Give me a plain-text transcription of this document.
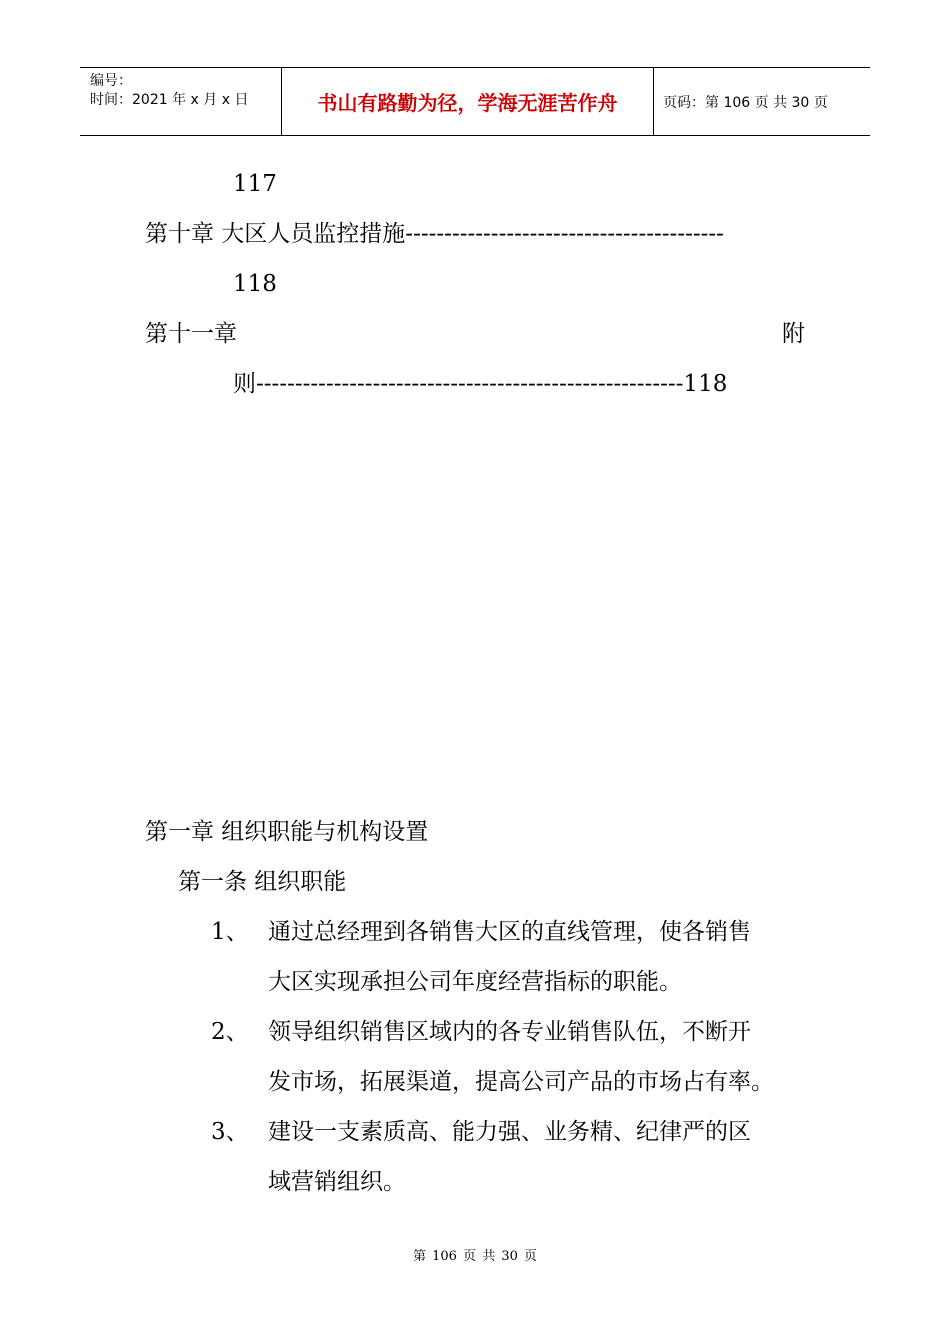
编号：
时间：2021 年 x 月 x 日	书山有路勤为径，学海无涯苦作舟	页码：第 106 页 共 30 页
117
第十章 大区人员监控措施-----------------------------------------
118
第十一章	附
则-------------------------------------------------------118
第一章 组织职能与机构设置
第一条 组织职能
1、 通过总经理到各销售大区的直线管理，使各销售
大区实现承担公司年度经营指标的职能。
2、 领导组织销售区域内的各专业销售队伍，不断开
发市场，拓展渠道，提高公司产品的市场占有率。
3、 建设一支素质高、能力强、业务精、纪律严的区
域营销组织。
第 106 页 共 30 页
